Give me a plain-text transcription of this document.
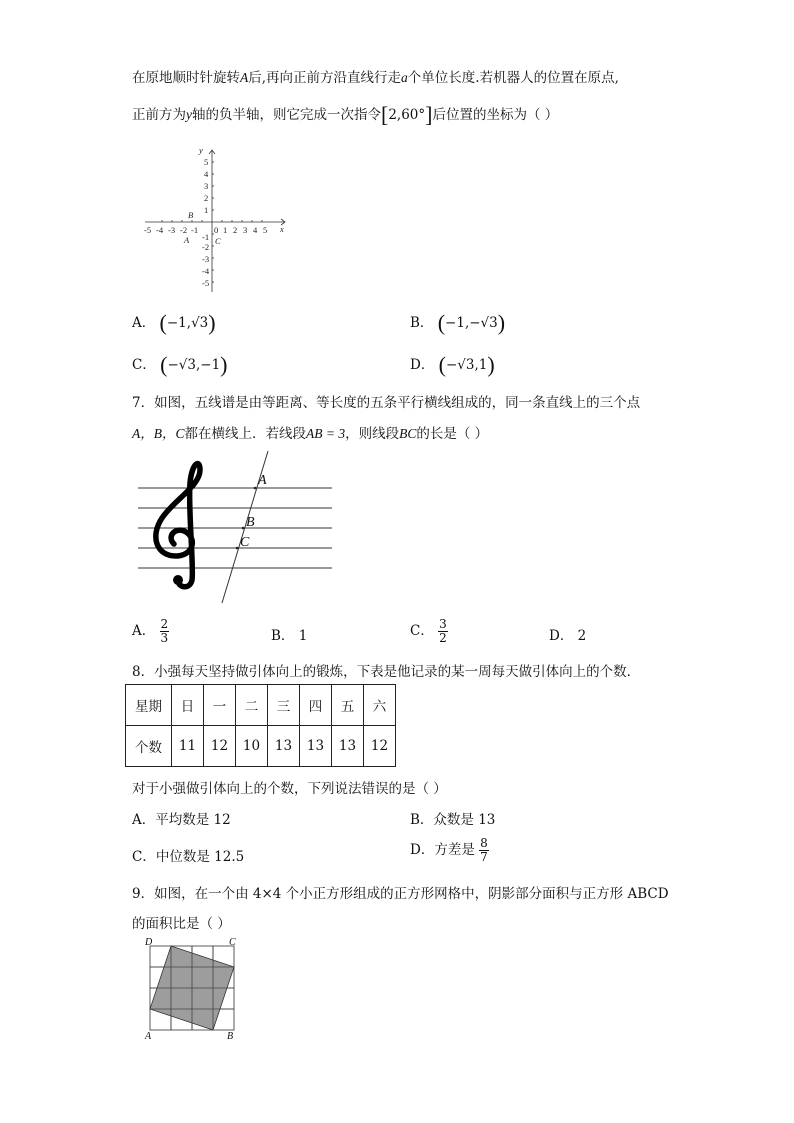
在原地顺时针旋转A后,再向正前方沿直线行走a个单位长度.若机器人的位置在原点,
正前方为y轴的负半轴，则它完成一次指令[2,60°]后位置的坐标为（ ）
y
x
-5 -4 -3 -2 -1 0 1 2 3 4 5
5
4
3
2
1
-1
-2
-3
-4
-5
B
A	C
A． (−1,√3)	B． (−1,−√3)
C． (−√3,−1)	D． (−√3,1)
7．如图，五线谱是由等距离、等长度的五条平行横线组成的，同一条直线上的三个点
A，B，C都在横线上．若线段AB = 3，则线段BC的长是（ ）
A
B
C
A． $\frac{2}{3}$	B． 1	C． $\frac{3}{2}$	D． 2
8．小强每天坚持做引体向上的锻炼，下表是他记录的某一周每天做引体向上的个数．
星期	日	一	二	三	四	五	六
个数	11	12	10	13	13	13	12
对于小强做引体向上的个数，下列说法错误的是（ ）
A．平均数是 12	B．众数是 13
C．中位数是 12.5	D．方差是 $\frac{8}{7}$
9．如图，在一个由 4×4 个小正方形组成的正方形网格中，阴影部分面积与正方形 ABCD
的面积比是（ ）
D	C
A	B
